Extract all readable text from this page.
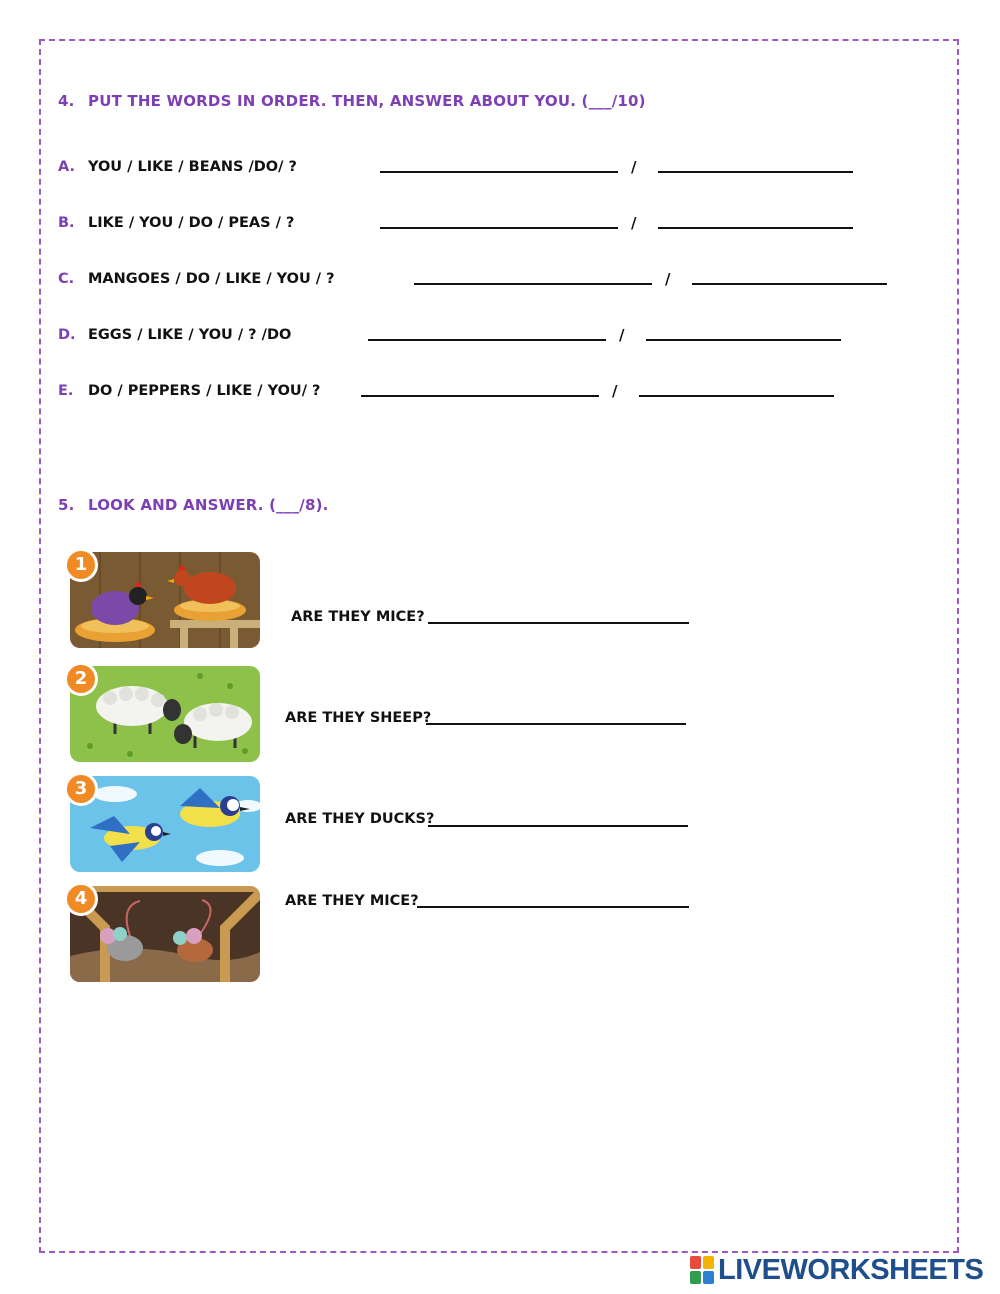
4. PUT THE WORDS IN ORDER. THEN, ANSWER ABOUT YOU. (___/10)
A. YOU / LIKE / BEANS /DO/ ?	/
B. LIKE / YOU / DO / PEAS / ?	/
C. MANGOES / DO / LIKE / YOU / ?	/
D. EGGS / LIKE / YOU / ? /DO	/
E. DO / PEPPERS / LIKE / YOU/ ?	/
5. LOOK AND ANSWER. (___/8).
1
ARE THEY MICE?
2
ARE THEY SHEEP?
3
ARE THEY DUCKS?
4	ARE THEY MICE?
LIVEWORKSHEETS
